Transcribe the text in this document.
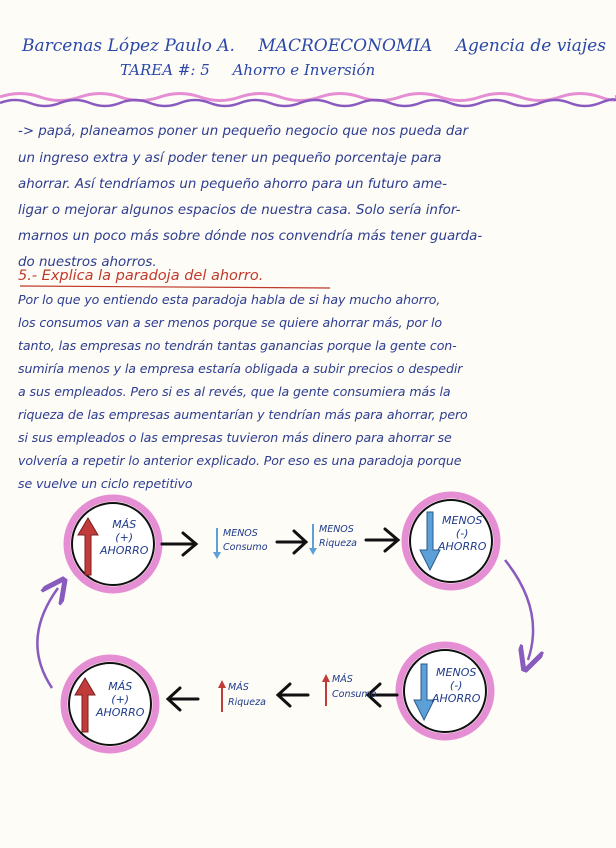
Barcenas López Paulo A. MACROECONOMIA Agencia de viajes
TAREA #: 5 Ahorro e Inversión
-> papá, planeamos poner un pequeño negocio que nos pueda dar
un ingreso extra y así poder tener un pequeño porcentaje para
ahorrar. Así tendríamos un pequeño ahorro para un futuro ame-
ligar o mejorar algunos espacios de nuestra casa. Solo sería infor-
marnos un poco más sobre dónde nos convendría más tener guarda-
do nuestros ahorros.
5.- Explica la paradoja del ahorro.
Por lo que yo entiendo esta paradoja habla de si hay mucho ahorro,
los consumos van a ser menos porque se quiere ahorrar más, por lo
tanto, las empresas no tendrán tantas ganancias porque la gente con-
sumiría menos y la empresa estaría obligada a subir precios o despedir
a sus empleados. Pero si es al revés, que la gente consumiera más la
riqueza de las empresas aumentarían y tendrían más para ahorrar, pero
si sus empleados o las empresas tuvieron más dinero para ahorrar se
volvería a repetir lo anterior explicado. Por eso es una paradoja porque
se vuelve un ciclo repetitivo
MÁS
(+)
AHORRO
MENOS
Consumo
MENOS
Riqueza
MENOS
(-)
AHORRO
MENOS
(-)
AHORRO
MÁS
Consumo
MÁS
Riqueza
MÁS
(+)
AHORRO
